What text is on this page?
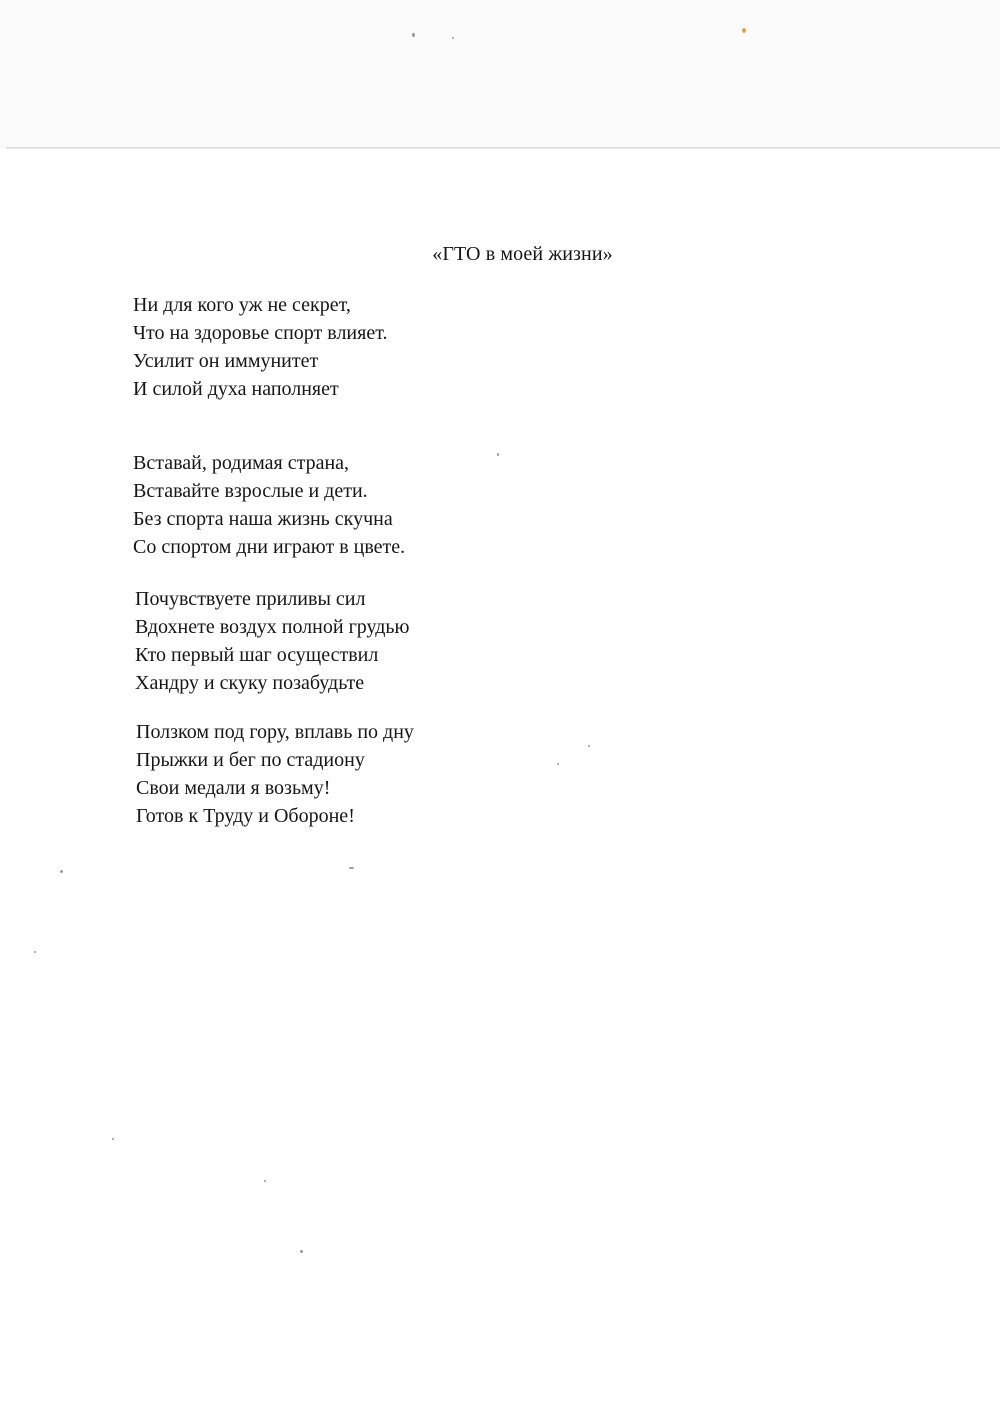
«ГТО в моей жизни»
Ни для кого уж не секрет,
Что на здоровье спорт влияет.
Усилит он иммунитет
И силой духа наполняет
Вставай, родимая страна,
Вставайте взрослые и дети.
Без спорта наша жизнь скучна
Со спортом дни играют в цвете.
Почувствуете приливы сил
Вдохнете воздух полной грудью
Кто первый шаг осуществил
Хандру и скуку позабудьте
Ползком под гору, вплавь по дну
Прыжки и бег по стадиону
Свои медали я возьму!
Готов к Труду и Обороне!
